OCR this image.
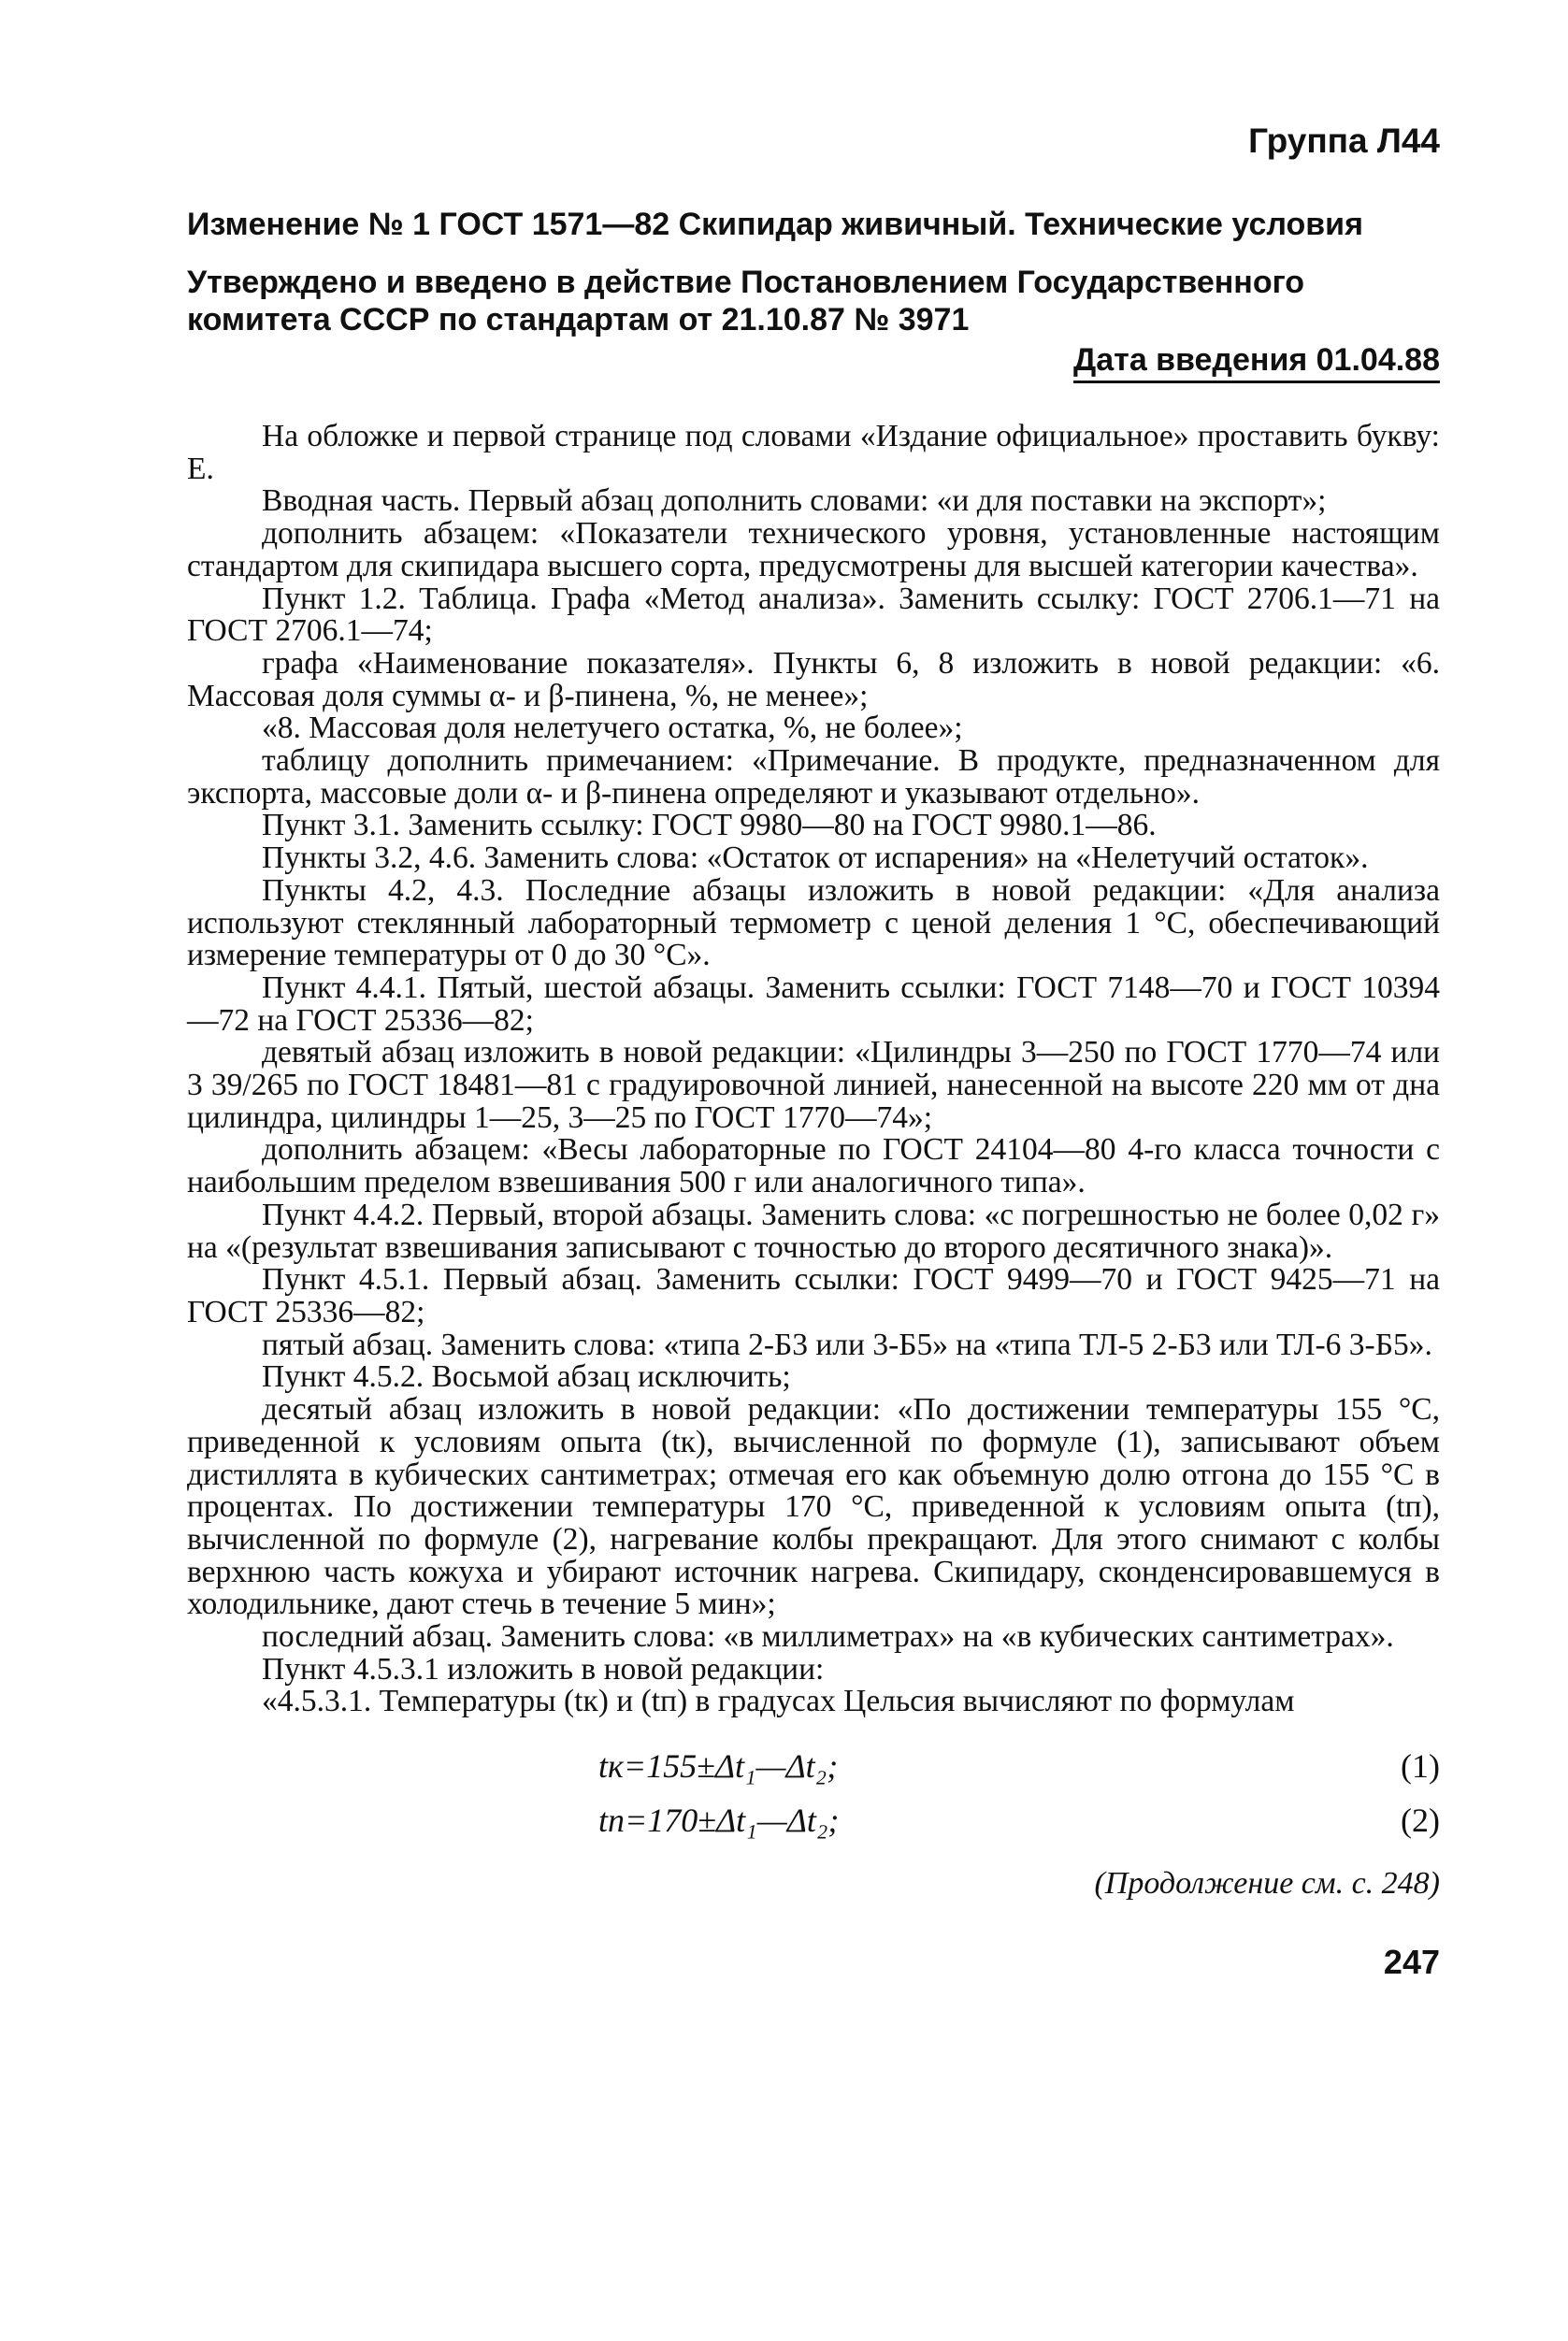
Группа Л44

Изменение № 1 ГОСТ 1571—82 Скипидар живичный. Технические условия

Утверждено и введено в действие Постановлением Государственного комитета СССР по стандартам от 21.10.87 № 3971

Дата введения 01.04.88

На обложке и первой странице под словами «Издание официальное» проставить букву: Е.

Вводная часть. Первый абзац дополнить словами: «и для поставки на экспорт»;

дополнить абзацем: «Показатели технического уровня, установленные настоящим стандартом для скипидара высшего сорта, предусмотрены для высшей категории качества».

Пункт 1.2. Таблица. Графа «Метод анализа». Заменить ссылку: ГОСТ 2706.1—71 на ГОСТ 2706.1—74;

графа «Наименование показателя». Пункты 6, 8 изложить в новой редакции: «6. Массовая доля суммы α- и β-пинена, %, не менее»;

«8. Массовая доля нелетучего остатка, %, не более»;

таблицу дополнить примечанием: «Примечание. В продукте, предназначенном для экспорта, массовые доли α- и β-пинена определяют и указывают отдельно».

Пункт 3.1. Заменить ссылку: ГОСТ 9980—80 на ГОСТ 9980.1—86.

Пункты 3.2, 4.6. Заменить слова: «Остаток от испарения» на «Нелетучий остаток».

Пункты 4.2, 4.3. Последние абзацы изложить в новой редакции: «Для анализа используют стеклянный лабораторный термометр с ценой деления 1 °С, обеспечивающий измерение температуры от 0 до 30 °С».

Пункт 4.4.1. Пятый, шестой абзацы. Заменить ссылки: ГОСТ 7148—70 и ГОСТ 10394—72 на ГОСТ 25336—82;

девятый абзац изложить в новой редакции: «Цилиндры 3—250 по ГОСТ 1770—74 или 3 39/265 по ГОСТ 18481—81 с градуировочной линией, нанесенной на высоте 220 мм от дна цилиндра, цилиндры 1—25, 3—25 по ГОСТ 1770—74»;

дополнить абзацем: «Весы лабораторные по ГОСТ 24104—80 4-го класса точности с наибольшим пределом взвешивания 500 г или аналогичного типа».

Пункт 4.4.2. Первый, второй абзацы. Заменить слова: «с погрешностью не более 0,02 г» на «(результат взвешивания записывают с точностью до второго десятичного знака)».

Пункт 4.5.1. Первый абзац. Заменить ссылки: ГОСТ 9499—70 и ГОСТ 9425—71 на ГОСТ 25336—82;

пятый абзац. Заменить слова: «типа 2-Б3 или 3-Б5» на «типа ТЛ-5 2-Б3 или ТЛ-6 3-Б5».

Пункт 4.5.2. Восьмой абзац исключить;

десятый абзац изложить в новой редакции: «По достижении температуры 155 °С, приведенной к условиям опыта (tк), вычисленной по формуле (1), записывают объем дистиллята в кубических сантиметрах; отмечая его как объемную долю отгона до 155 °С в процентах. По достижении температуры 170 °С, приведенной к условиям опыта (tп), вычисленной по формуле (2), нагревание колбы прекращают. Для этого снимают с колбы верхнюю часть кожуха и убирают источник нагрева. Скипидару, сконденсировавшемуся в холодильнике, дают стечь в течение 5 мин»;

последний абзац. Заменить слова: «в миллиметрах» на «в кубических сантиметрах».

Пункт 4.5.3.1 изложить в новой редакции:

«4.5.3.1. Температуры (tк) и (tп) в градусах Цельсия вычисляют по формулам

tк=155±Δt₁—Δt₂;	(1)
tп=170±Δt₁—Δt₂;	(2)
(Продолжение см. с. 248)
247
